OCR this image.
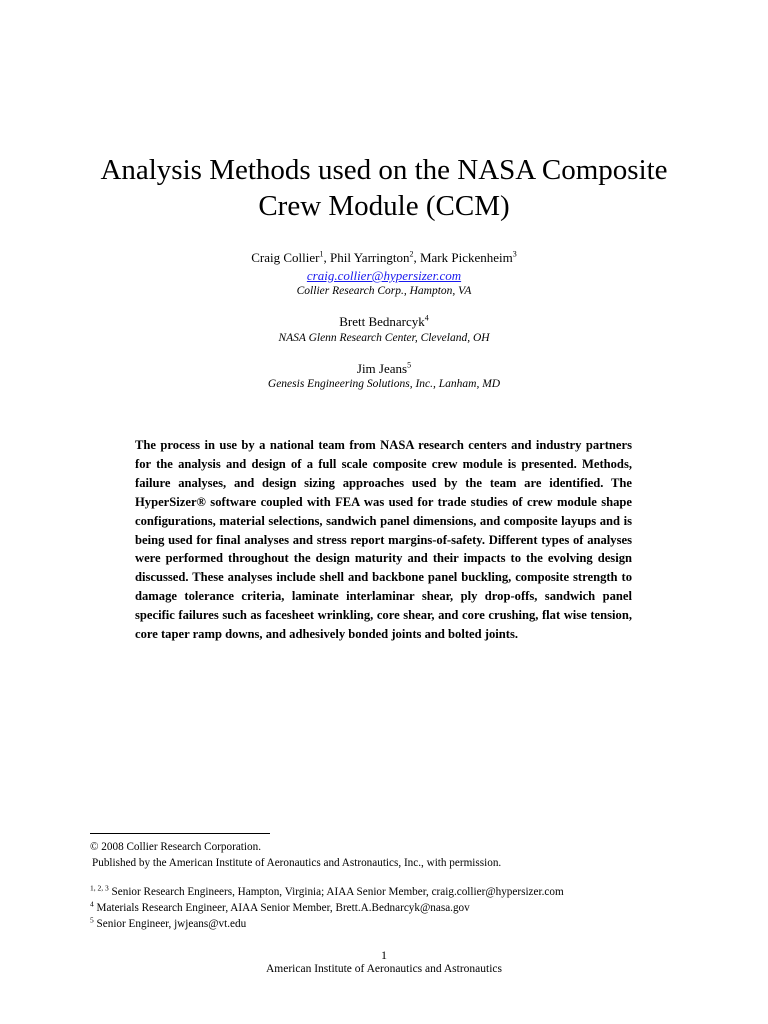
Analysis Methods used on the NASA Composite
Crew Module (CCM)
Craig Collier$^1$, Phil Yarrington$^2$, Mark Pickenheim$^3$
craig.collier@hypersizer.com
Collier Research Corp., Hampton, VA
Brett Bednarcyk$^4$
NASA Glenn Research Center, Cleveland, OH
Jim Jeans$^5$
Genesis Engineering Solutions, Inc., Lanham, MD

The process in use by a national team from NASA research centers and industry partners for the analysis and design of a full scale composite crew module is presented. Methods, failure analyses, and design sizing approaches used by the team are identified. The HyperSizer® software coupled with FEA was used for trade studies of crew module shape configurations, material selections, sandwich panel dimensions, and composite layups and is being used for final analyses and stress report margins-of-safety. Different types of analyses were performed throughout the design maturity and their impacts to the evolving design discussed. These analyses include shell and backbone panel buckling, composite strength to damage tolerance criteria, laminate interlaminar shear, ply drop-offs, sandwich panel specific failures such as facesheet wrinkling, core shear, and core crushing, flat wise tension, core taper ramp downs, and adhesively bonded joints and bolted joints.

© 2008 Collier Research Corporation.
Published by the American Institute of Aeronautics and Astronautics, Inc., with permission.
$^{1, 2, 3}$ Senior Research Engineers, Hampton, Virginia; AIAA Senior Member, craig.collier@hypersizer.com
$^4$ Materials Research Engineer, AIAA Senior Member, Brett.A.Bednarcyk@nasa.gov
$^5$ Senior Engineer, jwjeans@vt.edu
1
American Institute of Aeronautics and Astronautics
